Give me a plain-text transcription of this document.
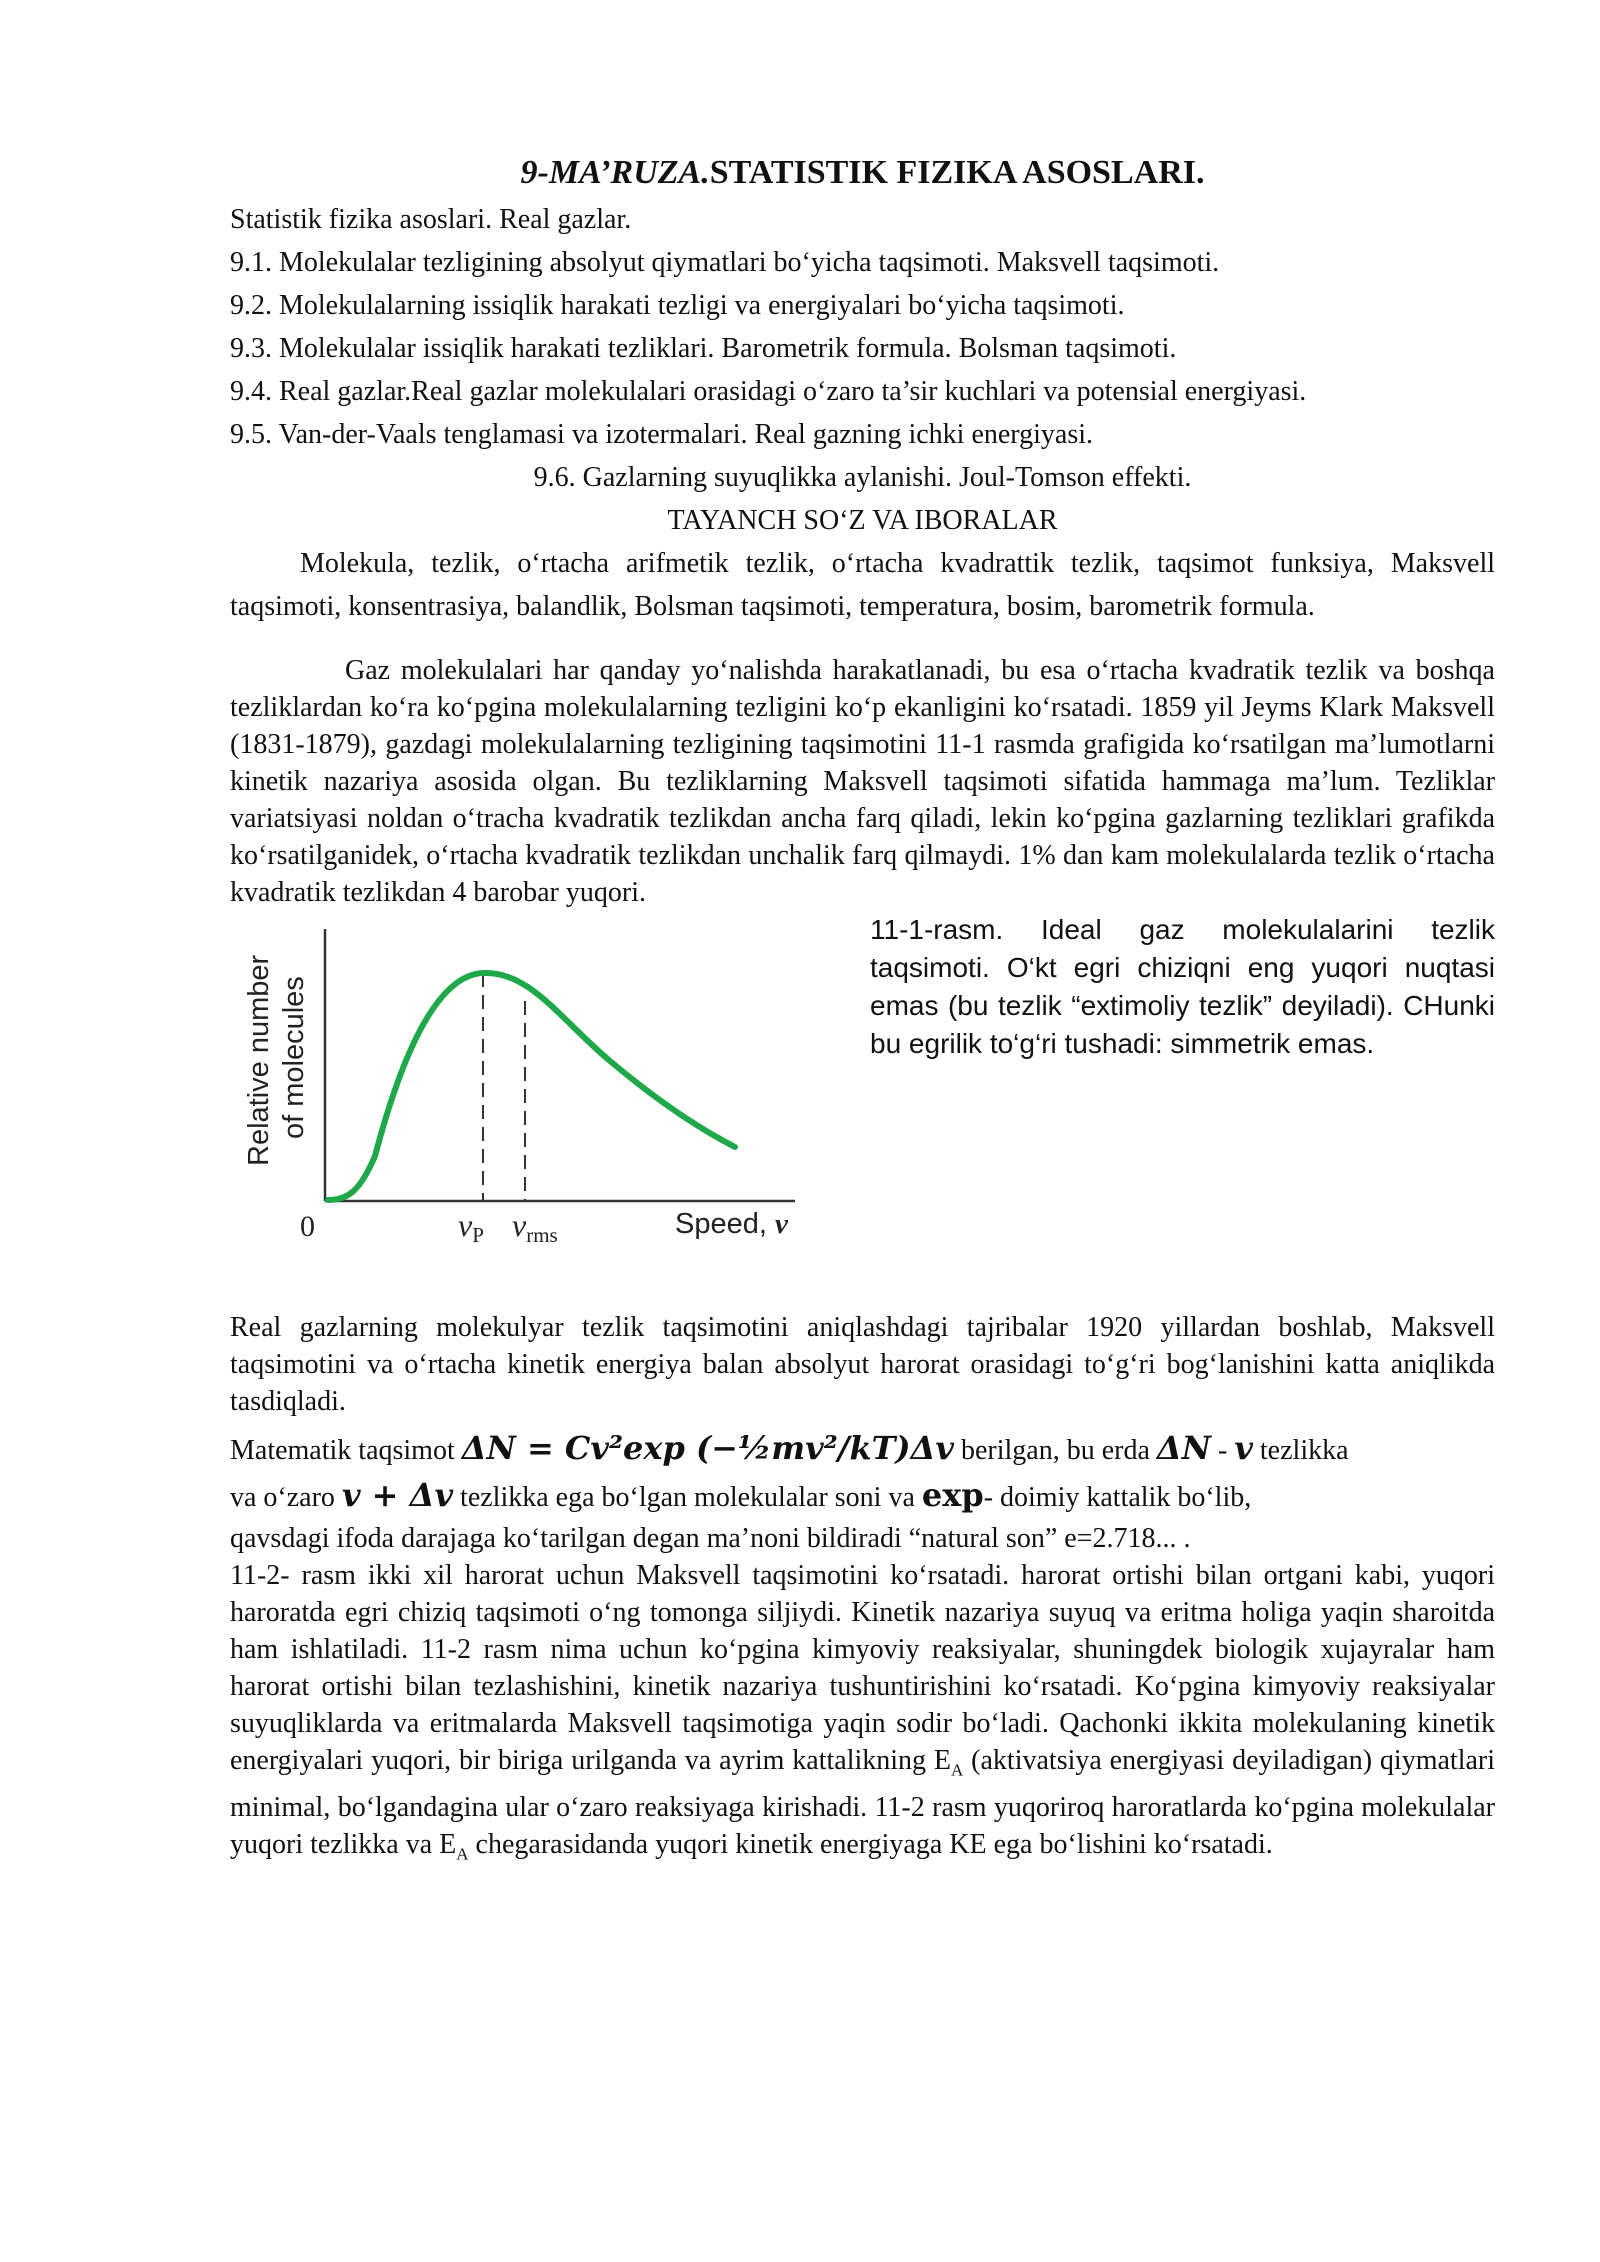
9-MA’RUZA.STATISTIK FIZIKA ASOSLARI.

Statistik fizika asoslari. Real gazlar.

9.1. Molekulalar tezligining absolyut qiymatlari bo‘yicha taqsimoti. Maksvell taqsimoti.

9.2. Molekulalarning issiqlik harakati tezligi va energiyalari bo‘yicha taqsimoti.

9.3. Molekulalar issiqlik harakati tezliklari. Barometrik formula. Bolsman taqsimoti.

9.4. Real gazlar.Real gazlar molekulalari orasidagi o‘zaro ta’sir kuchlari va potensial energiyasi.

9.5. Van-der-Vaals tenglamasi va izotermalari. Real gazning ichki energiyasi.

9.6. Gazlarning suyuqlikka aylanishi. Joul-Tomson effekti.

TAYANCH SO‘Z VA IBORALAR

Molekula, tezlik, o‘rtacha arifmetik tezlik, o‘rtacha kvadrattik tezlik, taqsimot funksiya, Maksvell taqsimoti, konsentrasiya, balandlik, Bolsman taqsimoti, temperatura, bosim, barometrik formula.

Gaz molekulalari har qanday yo‘nalishda harakatlanadi, bu esa o‘rtacha kvadratik tezlik va boshqa tezliklardan ko‘ra ko‘pgina molekulalarning tezligini ko‘p ekanligini ko‘rsatadi. 1859 yil Jeyms Klark Maksvell (1831-1879), gazdagi molekulalarning tezligining taqsimotini 11-1 rasmda grafigida ko‘rsatilgan ma’lumotlarni kinetik nazariya asosida olgan. Bu tezliklarning Maksvell taqsimoti sifatida hammaga ma’lum. Tezliklar variatsiyasi noldan o‘tracha kvadratik tezlikdan ancha farq qiladi, lekin ko‘pgina gazlarning tezliklari grafikda ko‘rsatilganidek, o‘rtacha kvadratik tezlikdan unchalik farq qilmaydi. 1% dan kam molekulalarda tezlik o‘rtacha kvadratik tezlikdan 4 barobar yuqori.

Relative number of molecules
0	vP vrms	Speed, v
11-1-rasm. Ideal gaz molekulalarini tezlik taqsimoti. O‘kt egri chiziqni eng yuqori nuqtasi emas (bu tezlik “extimoliy tezlik” deyiladi). CHunki bu egrilik to‘g‘ri tushadi: simmetrik emas.

Real gazlarning molekulyar tezlik taqsimotini aniqlashdagi tajribalar 1920 yillardan boshlab, Maksvell taqsimotini va o‘rtacha kinetik energiya balan absolyut harorat orasidagi to‘g‘ri bog‘lanishini katta aniqlikda tasdiqladi.

Matematik taqsimot ΔN = Cv²exp (−½mv²/kT)Δv berilgan, bu erda ΔN - v tezlikka

va o‘zaro v + Δv tezlikka ega bo‘lgan molekulalar soni va exp- doimiy kattalik bo‘lib,

qavsdagi ifoda darajaga ko‘tarilgan degan ma’noni bildiradi “natural son” e=2.718... .

11-2- rasm ikki xil harorat uchun Maksvell taqsimotini ko‘rsatadi. harorat ortishi bilan ortgani kabi, yuqori haroratda egri chiziq taqsimoti o‘ng tomonga siljiydi. Kinetik nazariya suyuq va eritma holiga yaqin sharoitda ham ishlatiladi. 11-2 rasm nima uchun ko‘pgina kimyoviy reaksiyalar, shuningdek biologik xujayralar ham harorat ortishi bilan tezlashishini, kinetik nazariya tushuntirishini ko‘rsatadi. Ko‘pgina kimyoviy reaksiyalar suyuqliklarda va eritmalarda Maksvell taqsimotiga yaqin sodir bo‘ladi. Qachonki ikkita molekulaning kinetik energiyalari yuqori, bir biriga urilganda va ayrim kattalikning $E_A$ (aktivatsiya energiyasi deyiladigan) qiymatlari minimal, bo‘lgandagina ular o‘zaro reaksiyaga kirishadi. 11-2 rasm yuqoriroq haroratlarda ko‘pgina molekulalar yuqori tezlikka va $E_A$ chegarasidanda yuqori kinetik energiyaga KE ega bo‘lishini ko‘rsatadi.
